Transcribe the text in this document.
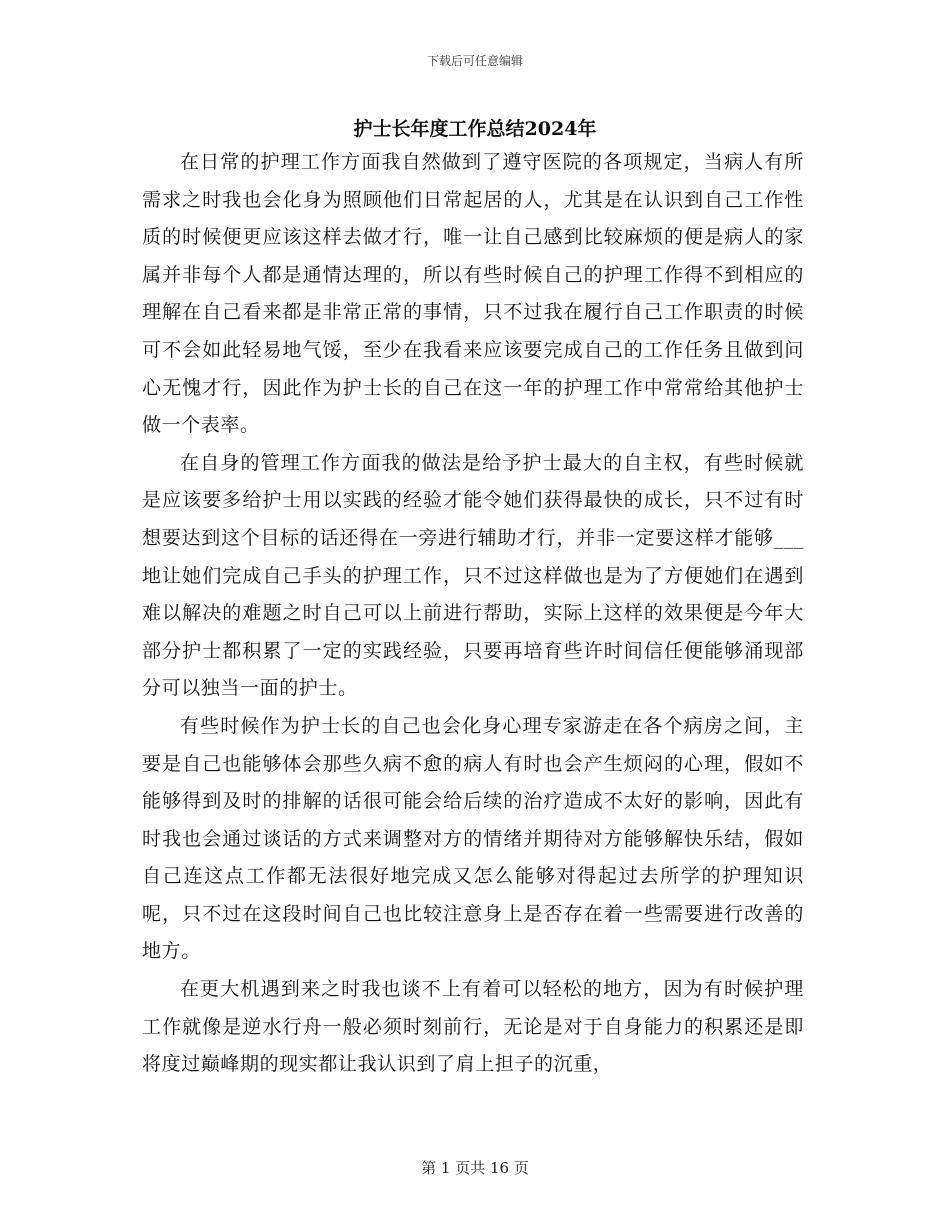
下载后可任意编辑
护士长年度工作总结2024年

在日常的护理工作方面我自然做到了遵守医院的各项规定，当病人有所需求之时我也会化身为照顾他们日常起居的人，尤其是在认识到自己工作性质的时候便更应该这样去做才行，唯一让自己感到比较麻烦的便是病人的家属并非每个人都是通情达理的，所以有些时候自己的护理工作得不到相应的理解在自己看来都是非常正常的事情，只不过我在履行自己工作职责的时候可不会如此轻易地气馁，至少在我看来应该要完成自己的工作任务且做到问心无愧才行，因此作为护士长的自己在这一年的护理工作中常常给其他护士做一个表率。

在自身的管理工作方面我的做法是给予护士最大的自主权，有些时候就是应该要多给护士用以实践的经验才能令她们获得最快的成长，只不过有时想要达到这个目标的话还得在一旁进行辅助才行，并非一定要这样才能够___地让她们完成自己手头的护理工作，只不过这样做也是为了方便她们在遇到难以解决的难题之时自己可以上前进行帮助，实际上这样的效果便是今年大部分护士都积累了一定的实践经验，只要再培育些许时间信任便能够涌现部分可以独当一面的护士。

有些时候作为护士长的自己也会化身心理专家游走在各个病房之间，主要是自己也能够体会那些久病不愈的病人有时也会产生烦闷的心理，假如不能够得到及时的排解的话很可能会给后续的治疗造成不太好的影响，因此有时我也会通过谈话的方式来调整对方的情绪并期待对方能够解快乐结，假如自己连这点工作都无法很好地完成又怎么能够对得起过去所学的护理知识呢，只不过在这段时间自己也比较注意身上是否存在着一些需要进行改善的地方。

在更大机遇到来之时我也谈不上有着可以轻松的地方，因为有时候护理工作就像是逆水行舟一般必须时刻前行，无论是对于自身能力的积累还是即将度过巅峰期的现实都让我认识到了肩上担子的沉重，

第 1 页共 16 页
